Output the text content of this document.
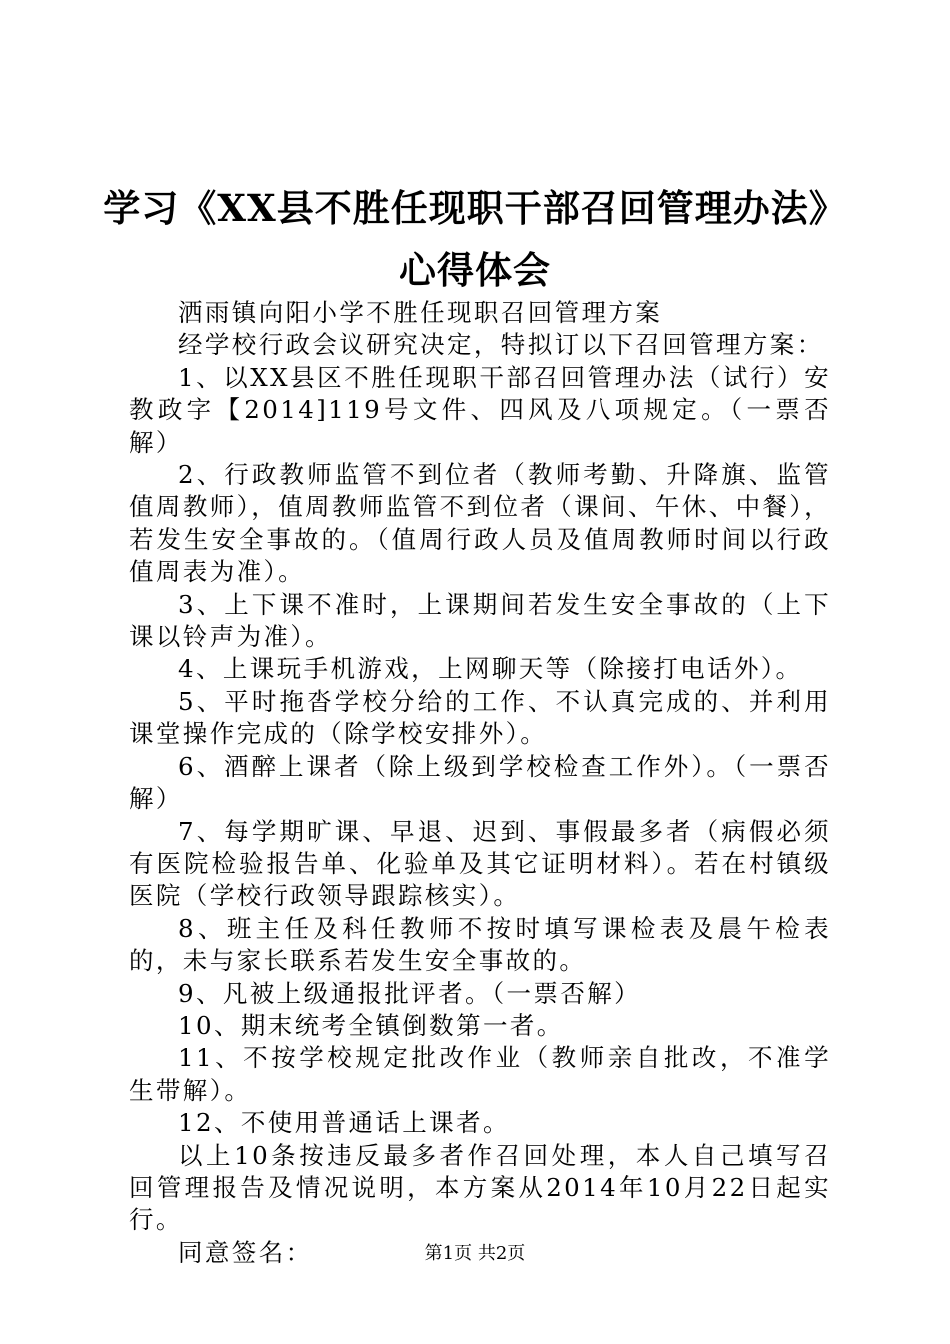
学习《XX县不胜任现职干部召回管理办法》
心得体会

洒雨镇向阳小学不胜任现职召回管理方案

经学校行政会议研究决定，特拟订以下召回管理方案：

1、以XX县区不胜任现职干部召回管理办法（试行）安教政字【2014]119号文件、四风及八项规定。（一票否解）

2、行政教师监管不到位者（教师考勤、升降旗、监管值周教师），值周教师监管不到位者（课间、午休、中餐），若发生安全事故的。（值周行政人员及值周教师时间以行政值周表为准）。

3、上下课不准时，上课期间若发生安全事故的（上下课以铃声为准）。

4、上课玩手机游戏，上网聊天等（除接打电话外）。

5、平时拖沓学校分给的工作、不认真完成的、并利用课堂操作完成的（除学校安排外）。

6、酒醉上课者（除上级到学校检查工作外）。（一票否解）

7、每学期旷课、早退、迟到、事假最多者（病假必须有医院检验报告单、化验单及其它证明材料）。若在村镇级医院（学校行政领导跟踪核实）。

8、班主任及科任教师不按时填写课检表及晨午检表的，未与家长联系若发生安全事故的。

9、凡被上级通报批评者。（一票否解）

10、期末统考全镇倒数第一者。

11、不按学校规定批改作业（教师亲自批改，不准学生带解）。

12、不使用普通话上课者。

以上10条按违反最多者作召回处理，本人自己填写召回管理报告及情况说明，本方案从2014年10月22日起实行。

同意签名：	第1页 共2页
